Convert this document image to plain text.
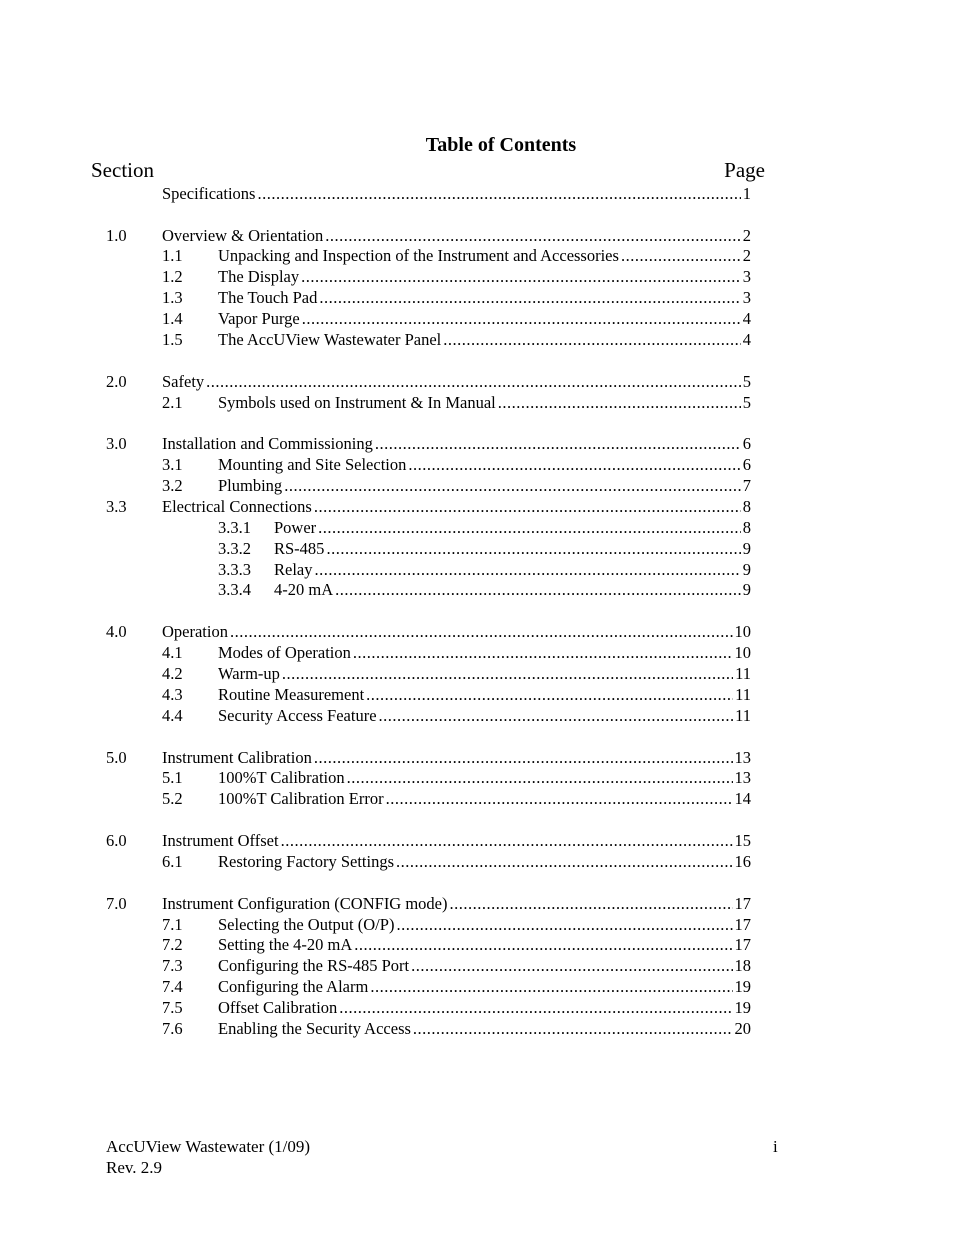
Table of Contents
Section	Page
Specifications .....	1
1.0 Overview & Orientation .....	2
1.1 Unpacking and Inspection of the Instrument and Accessories .....	2
1.2 The Display .....	3
1.3 The Touch Pad .....	3
1.4 Vapor Purge .....	4
1.5 The AccUView Wastewater Panel .....	4
2.0 Safety .....	5
2.1 Symbols used on Instrument & In Manual .....	5
3.0 Installation and Commissioning .....	6
3.1 Mounting and Site Selection .....	6
3.2 Plumbing .....	7
3.3 Electrical Connections .....	8
3.3.1 Power .....	8
3.3.2 RS-485 .....	9
3.3.3 Relay .....	9
3.3.4 4-20 mA .....	9
4.0 Operation .....	10
4.1 Modes of Operation .....	10
4.2 Warm-up .....	11
4.3 Routine Measurement .....	11
4.4 Security Access Feature .....	11
5.0 Instrument Calibration .....	13
5.1 100%T Calibration .....	13
5.2 100%T Calibration Error .....	14
6.0 Instrument Offset .....	15
6.1 Restoring Factory Settings .....	16
7.0 Instrument Configuration (CONFIG mode) .....	17
7.1 Selecting the Output (O/P) .....	17
7.2 Setting the 4-20 mA .....	17
7.3 Configuring the RS-485 Port .....	18
7.4 Configuring the Alarm .....	19
7.5 Offset Calibration .....	19
7.6 Enabling the Security Access .....	20
AccUView Wastewater (1/09)
Rev. 2.9
i
